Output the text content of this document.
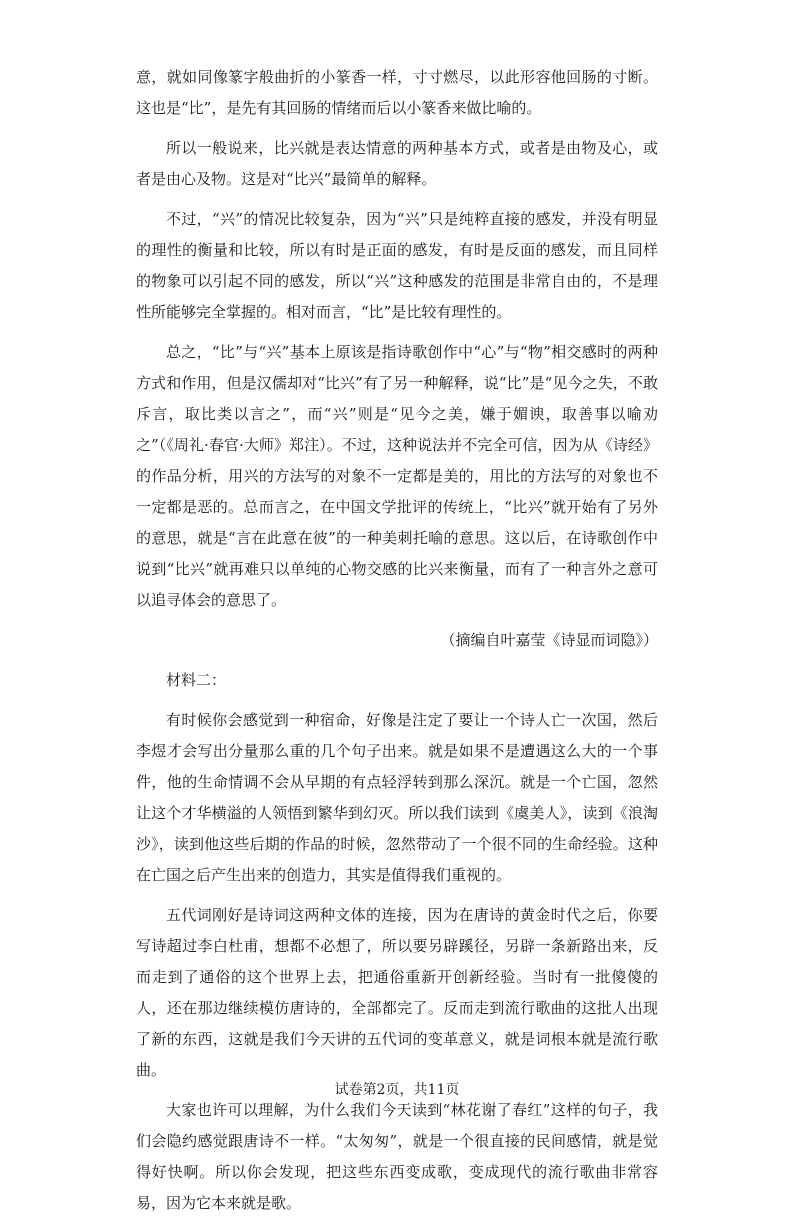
意，就如同像篆字般曲折的小篆香一样，寸寸燃尽，以此形容他回肠的寸断。这也是“比”，是先有其回肠的情绪而后以小篆香来做比喻的。

所以一般说来，比兴就是表达情意的两种基本方式，或者是由物及心，或者是由心及物。这是对“比兴”最简单的解释。

不过，“兴”的情况比较复杂，因为“兴”只是纯粹直接的感发，并没有明显的理性的衡量和比较，所以有时是正面的感发，有时是反面的感发，而且同样的物象可以引起不同的感发，所以“兴”这种感发的范围是非常自由的，不是理性所能够完全掌握的。相对而言，“比”是比较有理性的。

总之，“比”与“兴”基本上原该是指诗歌创作中“心”与“物”相交感时的两种方式和作用，但是汉儒却对“比兴”有了另一种解释，说“比”是“见今之失，不敢斥言，取比类以言之”，而“兴”则是“见今之美，嫌于媚谀，取善事以喻劝之”（《周礼·春官·大师》郑注）。不过，这种说法并不完全可信，因为从《诗经》的作品分析，用兴的方法写的对象不一定都是美的，用比的方法写的对象也不一定都是恶的。总而言之，在中国文学批评的传统上，“比兴”就开始有了另外的意思，就是“言在此意在彼”的一种美刺托喻的意思。这以后，在诗歌创作中说到“比兴”就再难只以单纯的心物交感的比兴来衡量，而有了一种言外之意可以追寻体会的意思了。

（摘编自叶嘉莹《诗显而词隐》）

材料二：

有时候你会感觉到一种宿命，好像是注定了要让一个诗人亡一次国，然后李煜才会写出分量那么重的几个句子出来。就是如果不是遭遇这么大的一个事件，他的生命情调不会从早期的有点轻浮转到那么深沉。就是一个亡国，忽然让这个才华横溢的人领悟到繁华到幻灭。所以我们读到《虞美人》，读到《浪淘沙》，读到他这些后期的作品的时候，忽然带动了一个很不同的生命经验。这种在亡国之后产生出来的创造力，其实是值得我们重视的。

五代词刚好是诗词这两种文体的连接，因为在唐诗的黄金时代之后，你要写诗超过李白杜甫，想都不必想了，所以要另辟蹊径，另辟一条新路出来，反而走到了通俗的这个世界上去，把通俗重新开创新经验。当时有一批傻傻的人，还在那边继续模仿唐诗的，全部都完了。反而走到流行歌曲的这批人出现了新的东西，这就是我们今天讲的五代词的变革意义，就是词根本就是流行歌曲。

大家也许可以理解，为什么我们今天读到“林花谢了春红”这样的句子，我们会隐约感觉跟唐诗不一样。“太匆匆”，就是一个很直接的民间感情，就是觉得好快啊。所以你会发现，把这些东西变成歌，变成现代的流行歌曲非常容易，因为它本来就是歌。

试卷第2页，共11页
